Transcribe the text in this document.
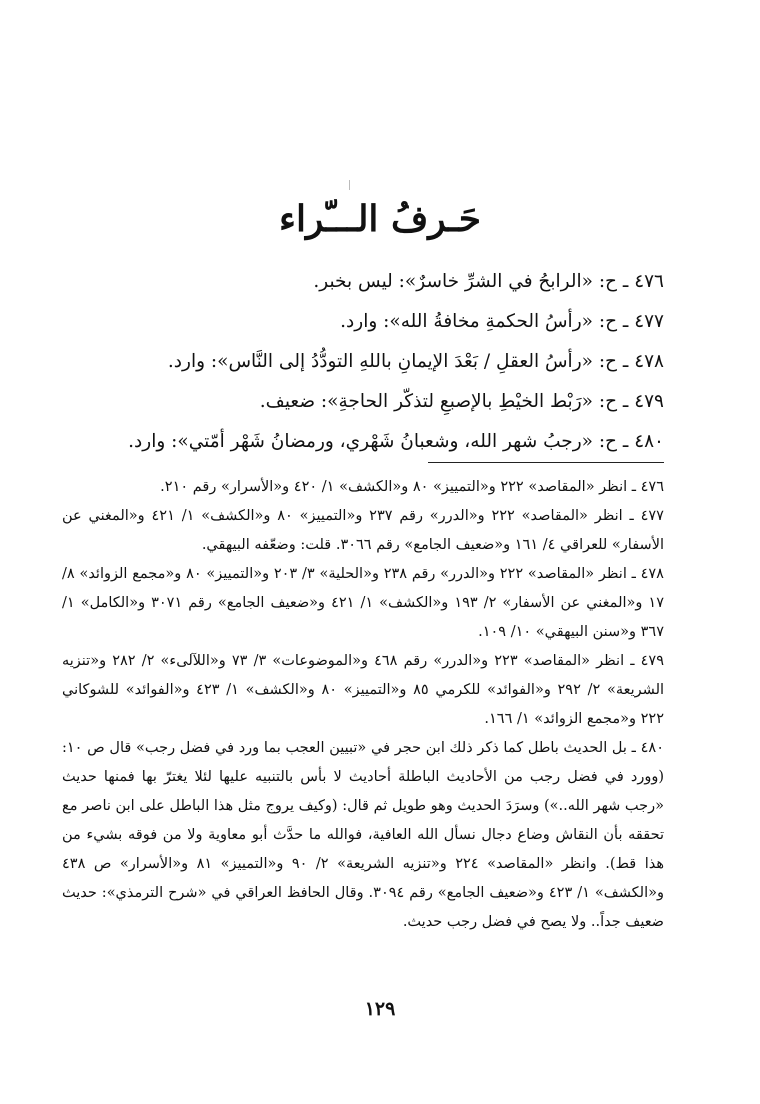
حَـرفُ الـــّراء
٤٧٦ ـ ح: «الرابحُ في الشرِّ خاسرٌ»: ليس بخبر.
٤٧٧ ـ ح: «رأسُ الحكمةِ مخافةُ الله»: وارد.
٤٧٨ ـ ح: «رأسُ العقلِ / بَعْدَ الإيمانِ باللهِ التودُّدُ إلى النَّاس»: وارد.
٤٧٩ ـ ح: «رَبْط الخيْطِ بالإصبعِ لتذكّر الحاجةِ»: ضعيف.
٤٨٠ ـ ح: «رجبُ شهر الله، وشعبانُ شَهْري، ورمضانُ شَهْر أمّتي»: وارد.

٤٧٦ ـ انظر «المقاصد» ٢٢٢ و«التمييز» ٨٠ و«الكشف» ١/ ٤٢٠ و«الأسرار» رقم ٢١٠.

٤٧٧ ـ انظر «المقاصد» ٢٢٢ و«الدرر» رقم ٢٣٧ و«التمييز» ٨٠ و«الكشف» ١/ ٤٢١ و«المغني عن الأسفار» للعراقي ٤/ ١٦١ و«ضعيف الجامع» رقم ٣٠٦٦. قلت: وضعّفه البيهقي.

٤٧٨ ـ انظر «المقاصد» ٢٢٢ و«الدرر» رقم ٢٣٨ و«الحلية» ٣/ ٢٠٣ و«التمييز» ٨٠ و«مجمع الزوائد» ٨/ ١٧ و«المغني عن الأسفار» ٢/ ١٩٣ و«الكشف» ١/ ٤٢١ و«ضعيف الجامع» رقم ٣٠٧١ و«الكامل» ١/ ٣٦٧ و«سنن البيهقي» ١٠/ ١٠٩.

٤٧٩ ـ انظر «المقاصد» ٢٢٣ و«الدرر» رقم ٤٦٨ و«الموضوعات» ٣/ ٧٣ و«اللآلىء» ٢/ ٢٨٢ و«تنزيه الشريعة» ٢/ ٢٩٢ و«الفوائد» للكرمي ٨٥ و«التمييز» ٨٠ و«الكشف» ١/ ٤٢٣ و«الفوائد» للشوكاني ٢٢٢ و«مجمع الزوائد» ١/ ١٦٦.

٤٨٠ ـ بل الحديث باطل كما ذكر ذلك ابن حجر في «تبيين العجب بما ورد في فضل رجب» قال ص ١٠: (وورد في فضل رجب من الأحاديث الباطلة أحاديث لا بأس بالتنبيه عليها لئلا يغترّ بها فمنها حديث «رجب شهر الله..») وسرَدَ الحديث وهو طويل ثم قال: (وكيف يروج مثل هذا الباطل على ابن ناصر مع تحققه بأن النقاش وضاع دجال نسأل الله العافية، فوالله ما حدَّث أبو معاوية ولا من فوقه بشيء من هذا قط). وانظر «المقاصد» ٢٢٤ و«تنزيه الشريعة» ٢/ ٩٠ و«التمييز» ٨١ و«الأسرار» ص ٤٣٨ و«الكشف» ١/ ٤٢٣ و«ضعيف الجامع» رقم ٣٠٩٤. وقال الحافظ العراقي في «شرح الترمذي»: حديث ضعيف جداً.. ولا يصح في فضل رجب حديث.

١٢٩
